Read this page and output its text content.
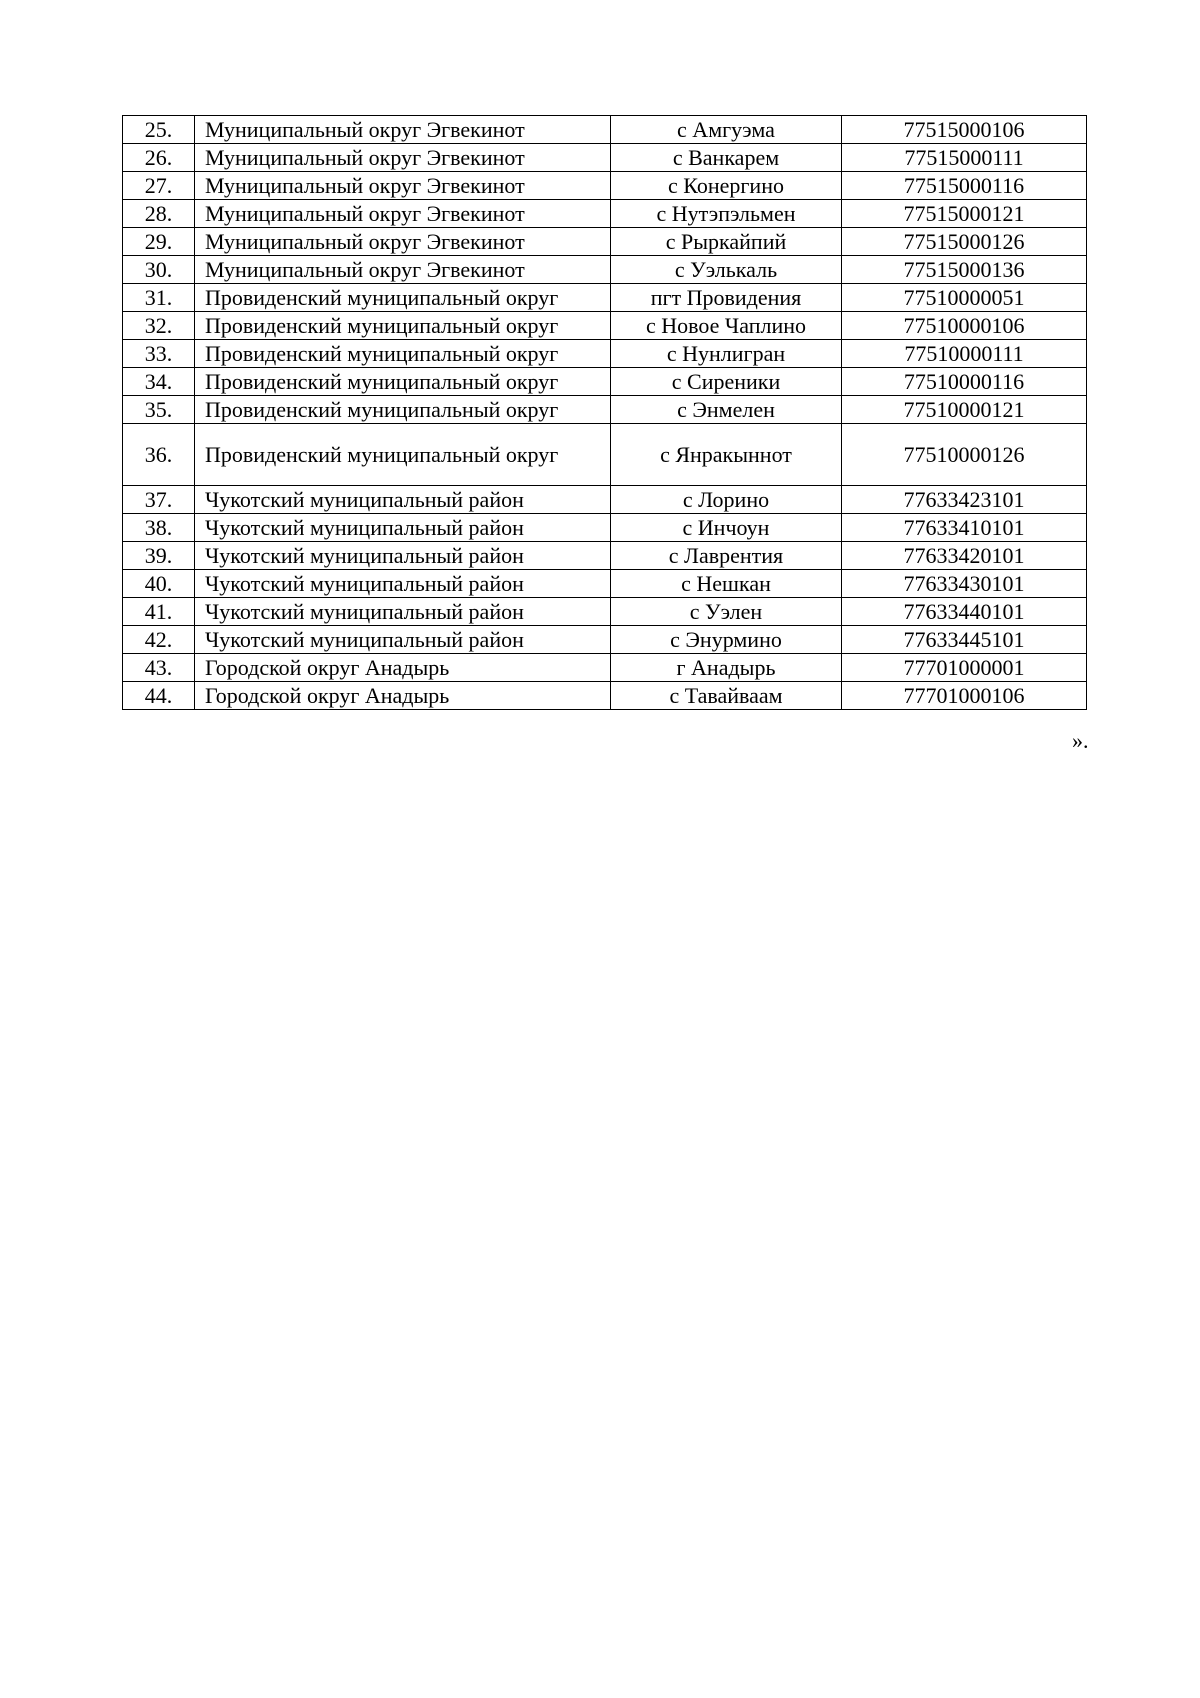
25.	Муниципальный округ Эгвекинот	с Амгуэма	77515000106
26.	Муниципальный округ Эгвекинот	с Ванкарем	77515000111
27.	Муниципальный округ Эгвекинот	с Конергино	77515000116
28.	Муниципальный округ Эгвекинот	с Нутэпэльмен	77515000121
29.	Муниципальный округ Эгвекинот	с Рыркайпий	77515000126
30.	Муниципальный округ Эгвекинот	с Уэлькаль	77515000136
31.	Провиденский муниципальный округ	пгт Провидения	77510000051
32.	Провиденский муниципальный округ	с Новое Чаплино	77510000106
33.	Провиденский муниципальный округ	с Нунлигран	77510000111
34.	Провиденский муниципальный округ	с Сиреники	77510000116
35.	Провиденский муниципальный округ	с Энмелен	77510000121
36.	Провиденский муниципальный округ	с Янракыннот	77510000126
37.	Чукотский муниципальный район	с Лорино	77633423101
38.	Чукотский муниципальный район	с Инчоун	77633410101
39.	Чукотский муниципальный район	с Лаврентия	77633420101
40.	Чукотский муниципальный район	с Нешкан	77633430101
41.	Чукотский муниципальный район	с Уэлен	77633440101
42.	Чукотский муниципальный район	с Энурмино	77633445101
43.	Городской округ Анадырь	г Анадырь	77701000001
44.	Городской округ Анадырь	с Тавайваам	77701000106
».
